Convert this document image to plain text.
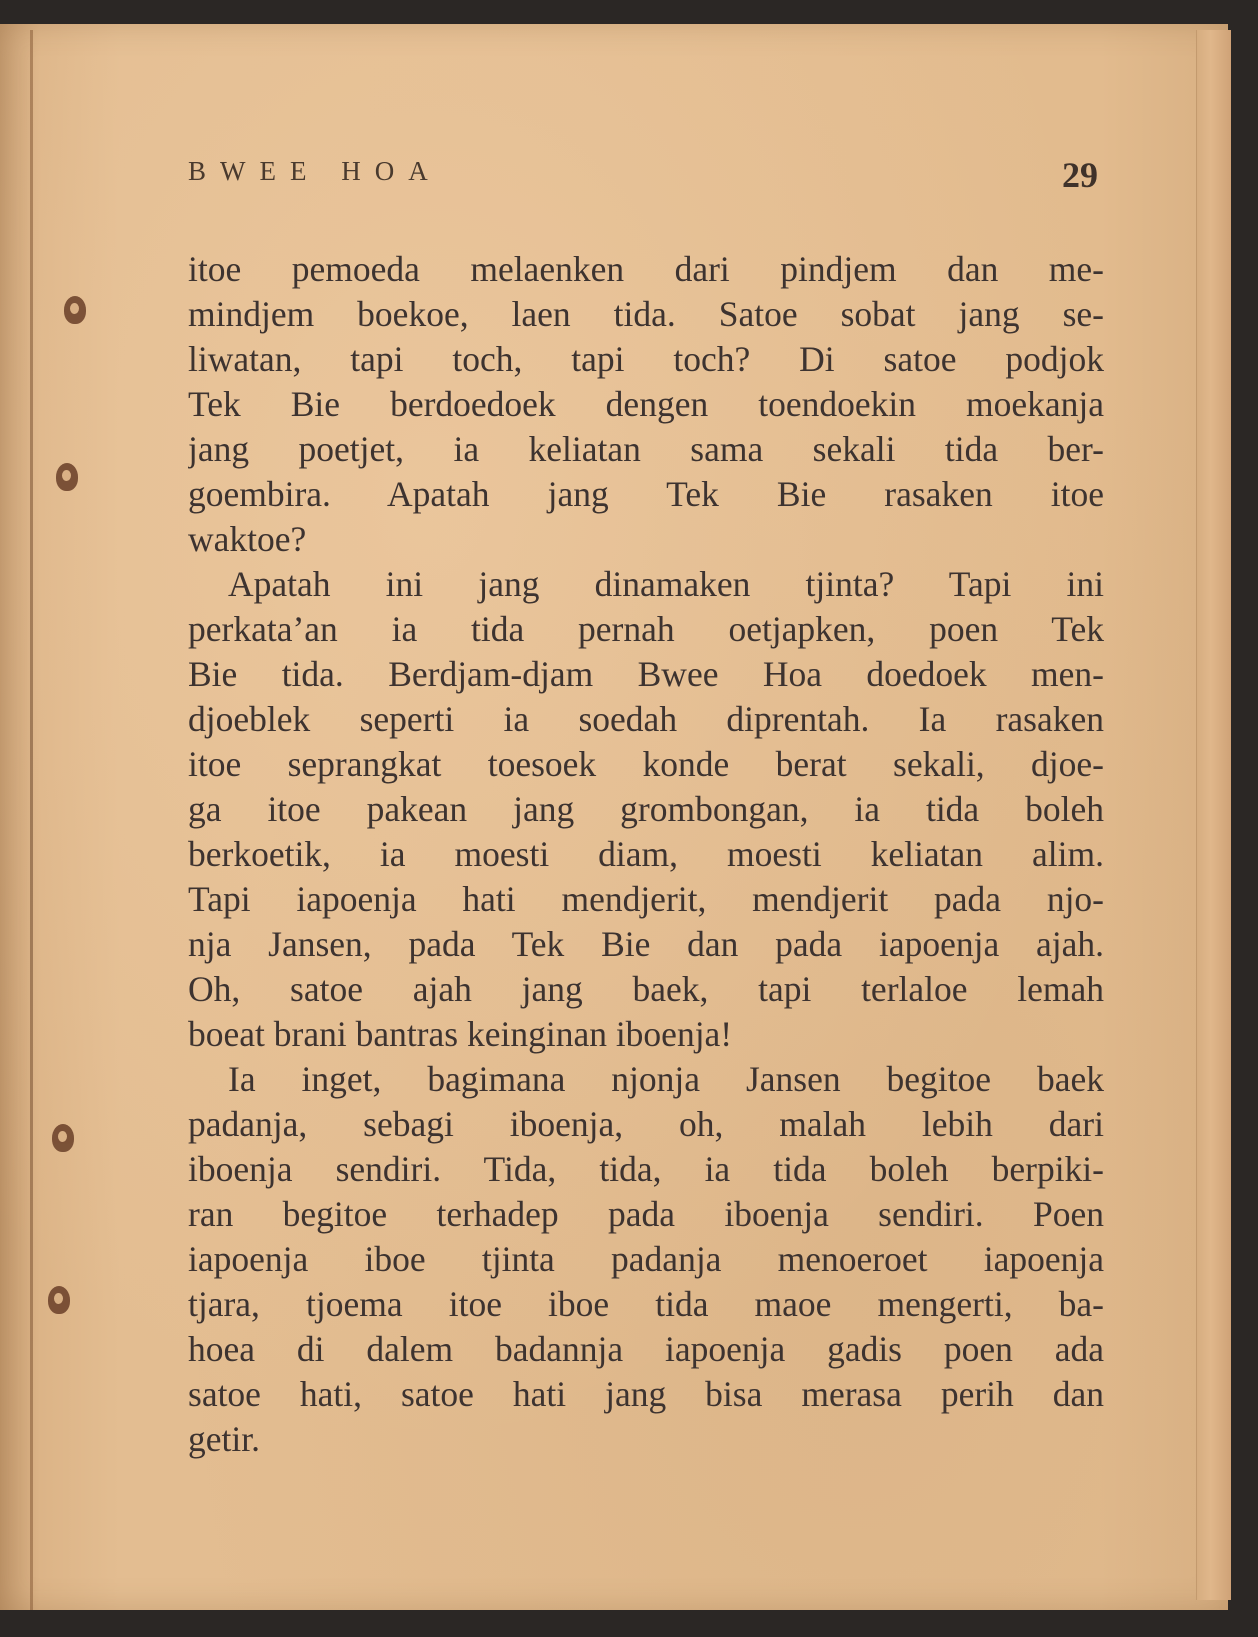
BWEE HOA	29
itoe pemoeda melaenken dari pindjem dan me-
mindjem boekoe, laen tida. Satoe sobat jang se-
liwatan, tapi toch, tapi toch? Di satoe podjok
Tek Bie berdoedoek dengen toendoekin moekanja
jang poetjet, ia keliatan sama sekali tida ber-
goembira. Apatah jang Tek Bie rasaken itoe
waktoe?
Apatah ini jang dinamaken tjinta? Tapi ini
perkata’an ia tida pernah oetjapken, poen Tek
Bie tida. Berdjam-djam Bwee Hoa doedoek men-
djoeblek seperti ia soedah diprentah. Ia rasaken
itoe seprangkat toesoek konde berat sekali, djoe-
ga itoe pakean jang grombongan, ia tida boleh
berkoetik, ia moesti diam, moesti keliatan alim.
Tapi iapoenja hati mendjerit, mendjerit pada njo-
nja Jansen, pada Tek Bie dan pada iapoenja ajah.
Oh, satoe ajah jang baek, tapi terlaloe lemah
boeat brani bantras keinginan iboenja!
Ia inget, bagimana njonja Jansen begitoe baek
padanja, sebagi iboenja, oh, malah lebih dari
iboenja sendiri. Tida, tida, ia tida boleh berpiki-
ran begitoe terhadep pada iboenja sendiri. Poen
iapoenja iboe tjinta padanja menoeroet iapoenja
tjara, tjoema itoe iboe tida maoe mengerti, ba-
hoea di dalem badannja iapoenja gadis poen ada
satoe hati, satoe hati jang bisa merasa perih dan
getir.
